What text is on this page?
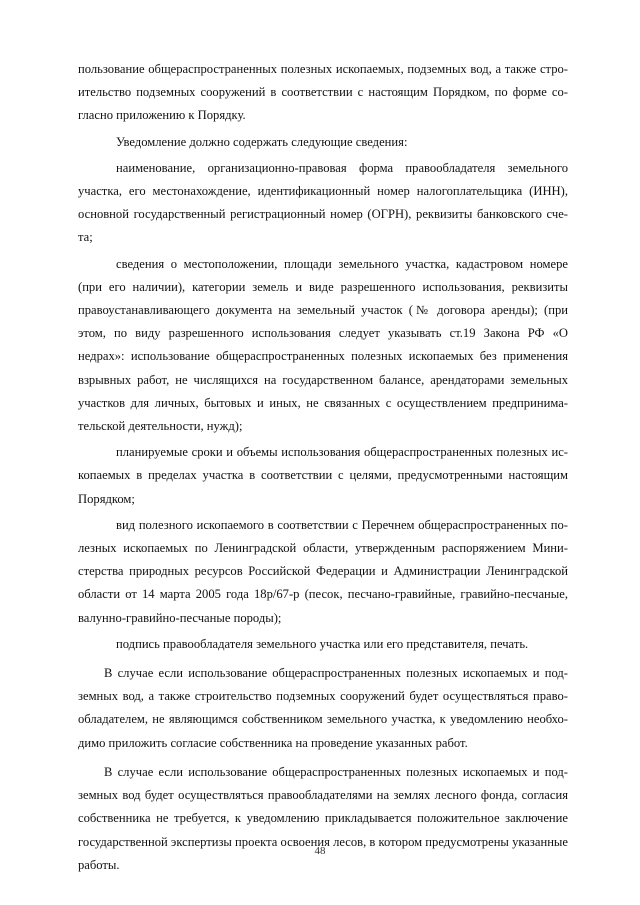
пользование общераспространенных полезных ископаемых, подземных вод, а также строительство подземных сооружений в соответствии с настоящим Порядком, по форме согласно приложению к Порядку.

Уведомление должно содержать следующие сведения:

наименование, организационно-правовая форма правообладателя земельного участка, его местонахождение, идентификационный номер налогоплательщика (ИНН), основной государственный регистрационный номер (ОГРН), реквизиты банковского счета;

сведения о местоположении, площади земельного участка, кадастровом номере (при его наличии), категории земель и виде разрешенного использования, реквизиты правоустанавливающего документа на земельный участок (№ договора аренды); (при этом, по виду разрешенного использования следует указывать ст.19 Закона РФ «О недрах»: использование общераспространенных полезных ископаемых без применения взрывных работ, не числящихся на государственном балансе, арендаторами земельных участков для личных, бытовых и иных, не связанных с осуществлением предпринимательской деятельности, нужд);

планируемые сроки и объемы использования общераспространенных полезных ископаемых в пределах участка в соответствии с целями, предусмотренными настоящим Порядком;

вид полезного ископаемого в соответствии с Перечнем общераспространенных полезных ископаемых по Ленинградской области, утвержденным распоряжением Министерства природных ресурсов Российской Федерации и Администрации Ленинградской области от 14 марта 2005 года 18р/67-р (песок, песчано-гравийные, гравийно-песчаные, валунно-гравийно-песчаные породы);

подпись правообладателя земельного участка или его представителя, печать.

В случае если использование общераспространенных полезных ископаемых и подземных вод, а также строительство подземных сооружений будет осуществляться правообладателем, не являющимся собственником земельного участка, к уведомлению необходимо приложить согласие собственника на проведение указанных работ.

В случае если использование общераспространенных полезных ископаемых и подземных вод будет осуществляться правообладателями на землях лесного фонда, согласия собственника не требуется, к уведомлению прикладывается положительное заключение государственной экспертизы проекта освоения лесов, в котором предусмотрены указанные работы.

48
